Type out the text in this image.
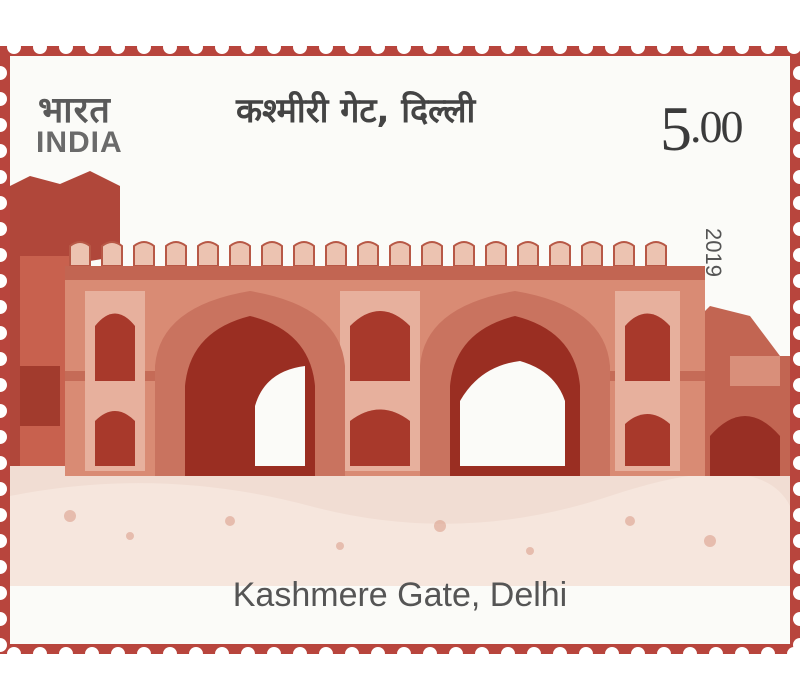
भारत
INDIA
कश्मीरी गेट, दिल्ली	$5^{.00}$
2019
Kashmere Gate, Delhi
